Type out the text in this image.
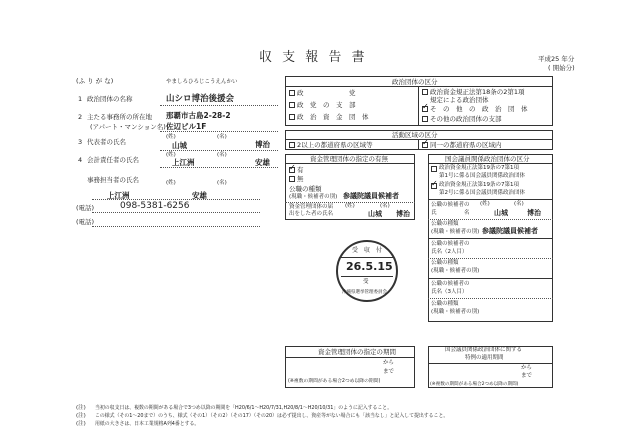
収 支 報 告 書	平成25 年分
( 開始分)
(ふ り が な)	やましろひろじこうえんかい
1 政治団体の名称	山シロ博治後援会
2 主たる事務所の所在地
(アパート・マンション名)
那覇市古島2-28-2
佐辺ビル1F
3 代表者の氏名
(姓)	(名)
山城	博治
4 会計責任者の氏名
(姓)	(名)
上江洲	安雄
事務担当者の氏名	(姓)	(名)
上江洲	安雄
(電話)	098-5381-6256
(電話)
政治団体の区分
政　　　　　　　党
政　党　の　支　部
政　治　資　金　団　体
政治資金規正法第18条の2第1項
規定による政治団体
✓
そ　の　他　の　政　治　団　体
その他の政治団体の支部
活動区域の区分
2以上の都道府県の区域等
✓	同一の都道府県の区域内
資金管理団体の指定の有無
✓
有
無
公職の種類
(現職・候補者の別) 参議院議員候補者
資金管理団体の届
出をした者の氏名
(姓)	(名)
山城 博治
国会議員関係政治団体の区分
政治資金規正法第19条の7第1項
第1号に係る国会議員関係政治団体
✓
政治資金規正法第19条の7第1項
第2号に係る国会議員関係政治団体
公職の候補者の
氏　　　　　名
(姓)	(名)
山城	博治
公職の種類
(現職・候補者の別) 参議院議員候補者
公職の候補者の
氏名（2人目）
公職の種類
(現職・候補者の別)
公職の候補者の
氏名（3人目）
公職の種類
(現職・候補者の別)
受　収　付
26.5.15
受
沖縄県選挙管理委員会
資金管理団体の指定の期間
から
まで
(※複数の期間がある場合2つめ以降の期間)
国会議員関係政治団体に関する
特例の適用期間
から
まで
(※複数の期間がある場合2つめ以降の期間)
(注) 当初の収支日は、複数の期間がある場合で3つめ以降の期間を「H20/6/1～H20/7/31,H20/8/1～H20/10/31」のように記入すること。
(注) この様式（その1～20まで）のうち、様式（その1）（その2）（その17）（その20）は必ず提出し、資産等がない場合にも「該当なし」と記入して提出すること。
(注) 用紙の大きさは、日本工業規格A列4番とする。
